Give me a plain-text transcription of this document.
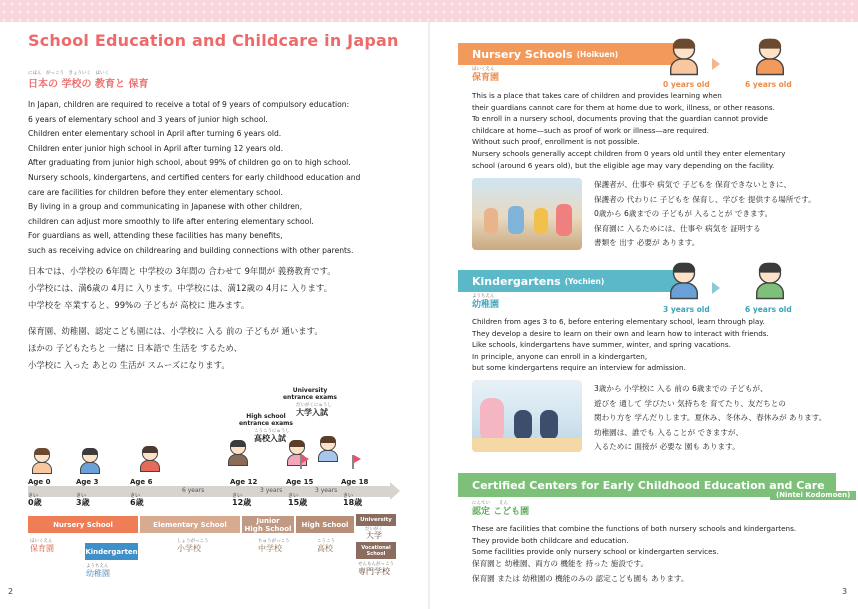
School Education and Childcare in Japan
にほん　がっこう　きょういく　ほいく
日本の 学校の 教育と 保育
In Japan, children are required to receive a total of 9 years of compulsory education:
6 years of elementary school and 3 years of junior high school.
Children enter elementary school in April after turning 6 years old.
Children enter junior high school in April after turning 12 years old.
After graduating from junior high school, about 99% of children go on to high school.
Nursery schools, kindergartens, and certified centers for early childhood education and
care are facilities for children before they enter elementary school.
By living in a group and communicating in Japanese with other children,
children can adjust more smoothly to life after entering elementary school.
For guardians as well, attending these facilities has many benefits,
such as receiving advice on childrearing and building connections with other parents.
日本では、小学校の 6年間と 中学校の 3年間の 合わせて 9年間が 義務教育です。
小学校には、満6歳の 4月に 入ります。中学校には、満12歳の 4月に 入ります。
中学校を 卒業すると、99%の 子どもが 高校に 進みます。
保育園、幼稚園、認定こども園には、小学校に 入る 前の 子どもが 通います。
ほかの 子どもたちと 一緒に 日本語で 生活を するため、
小学校に 入った あとの 生活が スムーズになります。
High school
entrance exams
こうこうにゅうし
高校入試
University
entrance exams
だいがくにゅうし
大学入試
Age 0	Age 3	Age 6	Age 12	Age 15	Age 18
6 years	3 years	3 years
さい
0歳
さい
3歳
さい
6歳
さい
12歳
さい
15歳
さい
18歳
Nursery School
Kindergarten
Elementary School	Junior
High School	High School
University
Vocational
School
ほいくえん
保育園
ようちえん
幼稚園
しょうがっこう
小学校
ちゅうがっこう
中学校
こうこう
高校
だいがく
大学
せんもんがっこう
専門学校
2
Nursery Schools (Hoikuen)
ほいくえん
保育園
0 years old	6 years old
This is a place that takes care of children and provides learning when
their guardians cannot care for them at home due to work, illness, or other reasons.
To enroll in a nursery school, documents proving that the guardian cannot provide
childcare at home—such as proof of work or illness—are required.
Without such proof, enrollment is not possible.
Nursery schools generally accept children from 0 years old until they enter elementary
school (around 6 years old), but the eligible age may vary depending on the facility.
保護者が、仕事や 病気で 子どもを 保育できないときに、
保護者の 代わりに 子どもを 保育し、学びを 提供する場所です。
0歳から 6歳までの 子どもが 入ることが できます。
保育園に 入るためには、仕事や 病気を 証明する
書類を 出す 必要が あります。
Kindergartens (Yochien)
ようちえん
幼稚園	3 years old	6 years old
Children from ages 3 to 6, before entering elementary school, learn through play.
They develop a desire to learn on their own and learn how to interact with friends.
Like schools, kindergartens have summer, winter, and spring vacations.
In principle, anyone can enroll in a kindergarten,
but some kindergartens require an interview for admission.
3歳から 小学校に 入る 前の 6歳までの 子どもが、
遊びを 通して 学びたい 気持ちを 育てたり、友だちとの
関わり方を 学んだりします。夏休み、冬休み、春休みが あります。
幼稚園は、誰でも 入ることが できますが、
入るために 面接が 必要な 園も あります。
Certified Centers for Early Childhood Education and Care
(Nintei Kodomoen)
にんてい　　えん
認定 こども園
These are facilities that combine the functions of both nursery schools and kindergartens.
They provide both childcare and education.
Some facilities provide only nursery school or kindergarten services.
保育園と 幼稚園、両方の 機能を 持った 施設です。
保育園 または 幼稚園の 機能のみの 認定こども園も あります。
3
